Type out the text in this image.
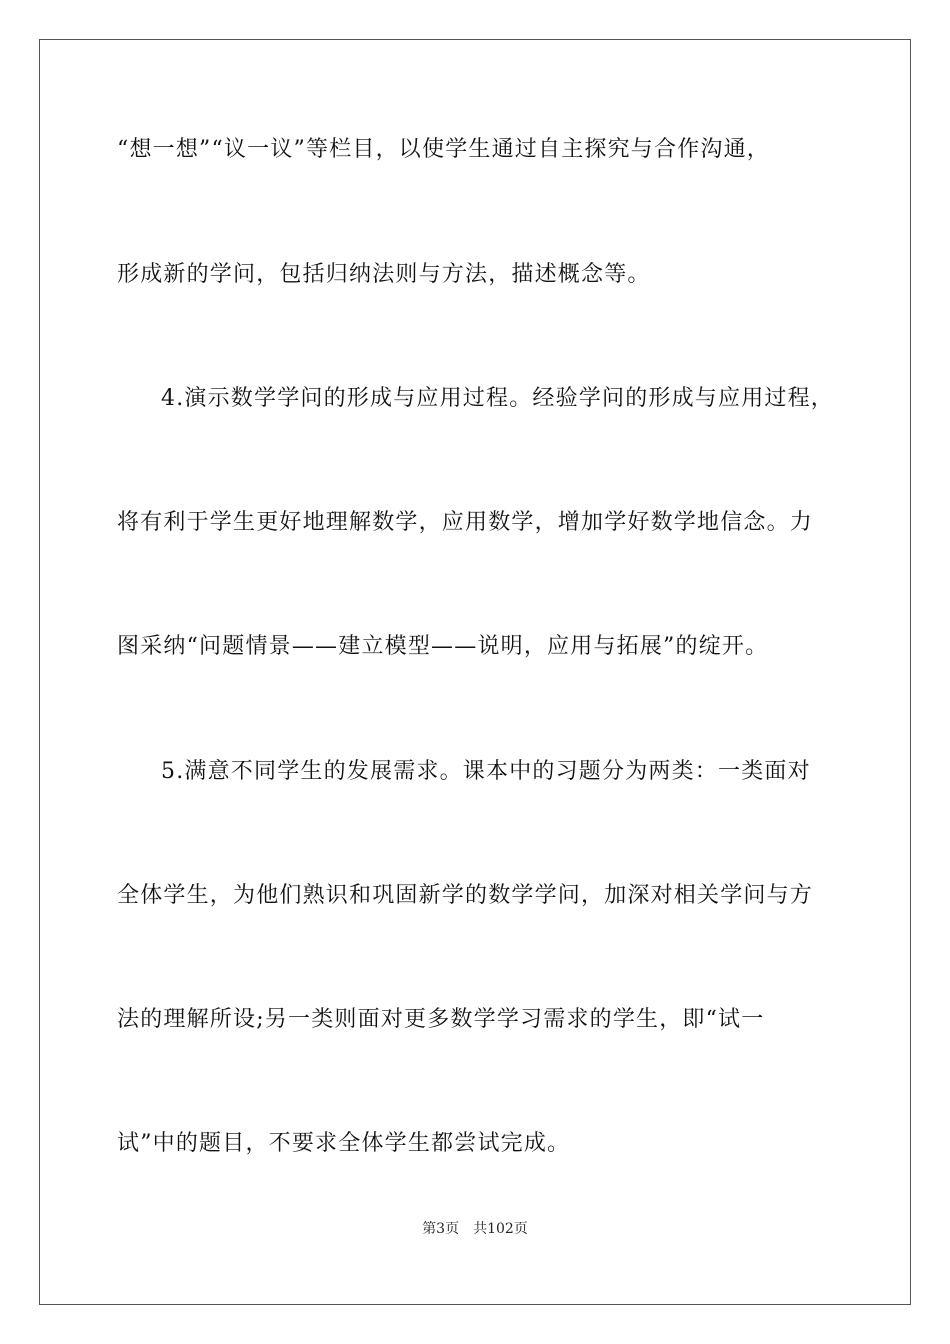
“想一想”“议一议”等栏目，以使学生通过自主探究与合作沟通，
形成新的学问，包括归纳法则与方法，描述概念等。
4.演示数学学问的形成与应用过程。经验学问的形成与应用过程，
将有利于学生更好地理解数学，应用数学，增加学好数学地信念。力
图采纳“问题情景——建立模型——说明，应用与拓展”的绽开。
5.满意不同学生的发展需求。课本中的习题分为两类：一类面对
全体学生，为他们熟识和巩固新学的数学学问，加深对相关学问与方
法的理解所设;另一类则面对更多数学学习需求的学生，即“试一
试”中的题目，不要求全体学生都尝试完成。
第3页 共102页
